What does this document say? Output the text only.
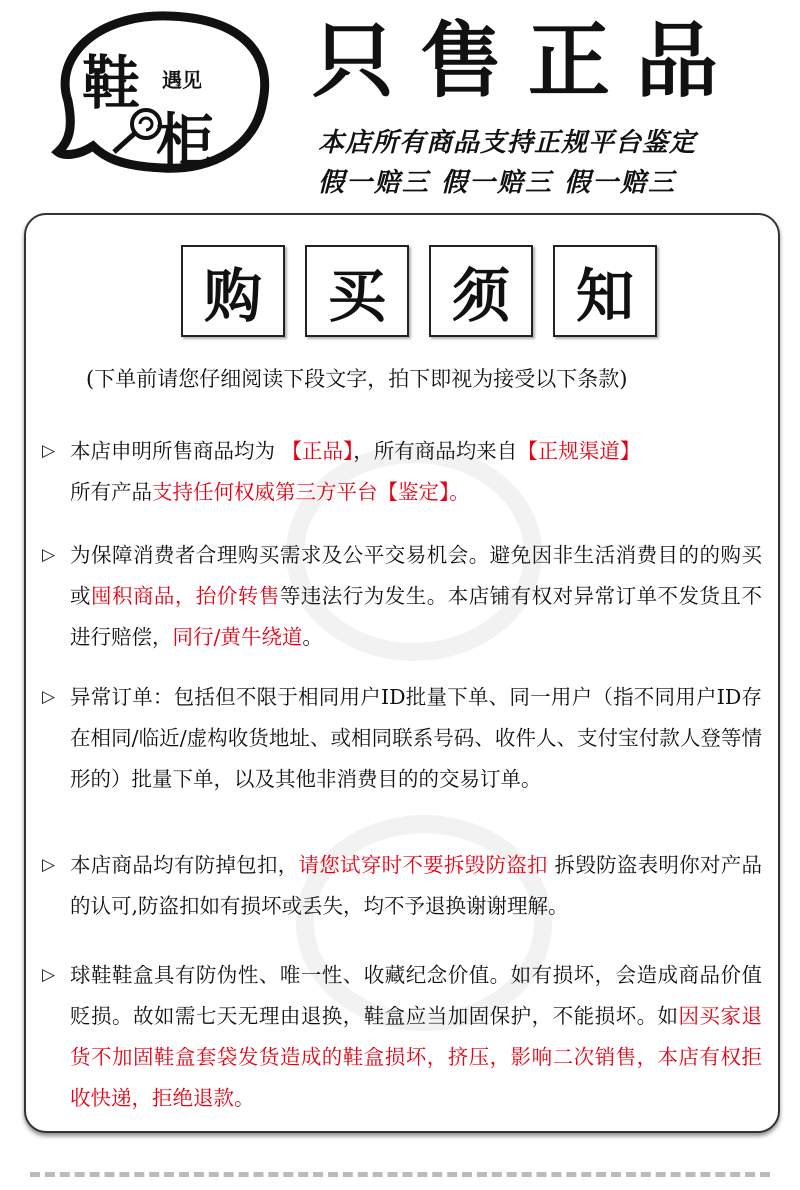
鞋 遇见
柜
只售正品
本店所有商品支持正规平台鉴定
假一赔三 假一赔三 假一赔三
购	买	须	知
(下单前请您仔细阅读下段文字，拍下即视为接受以下条款)
▷ 本店申明所售商品均为 【正品】，所有商品均来自【正规渠道】
所有产品支持任何权威第三方平台【鉴定】。

▷ 为保障消费者合理购买需求及公平交易机会。避免因非生活消费目的的购买或囤积商品，抬价转售等违法行为发生。本店铺有权对异常订单不发货且不进行赔偿，同行/黄牛绕道。

▷ 异常订单：包括但不限于相同用户ID批量下单、同一用户（指不同用户ID存在相同/临近/虚构收货地址、或相同联系号码、收件人、支付宝付款人登等情形的）批量下单，以及其他非消费目的的交易订单。

▷ 本店商品均有防掉包扣，请您试穿时不要拆毁防盗扣 拆毁防盗表明你对产品的认可,防盗扣如有损坏或丢失，均不予退换谢谢理解。

▷ 球鞋鞋盒具有防伪性、唯一性、收藏纪念价值。如有损坏，会造成商品价值贬损。故如需七天无理由退换，鞋盒应当加固保护，不能损坏。如因买家退货不加固鞋盒套袋发货造成的鞋盒损坏，挤压，影响二次销售，本店有权拒收快递，拒绝退款。
